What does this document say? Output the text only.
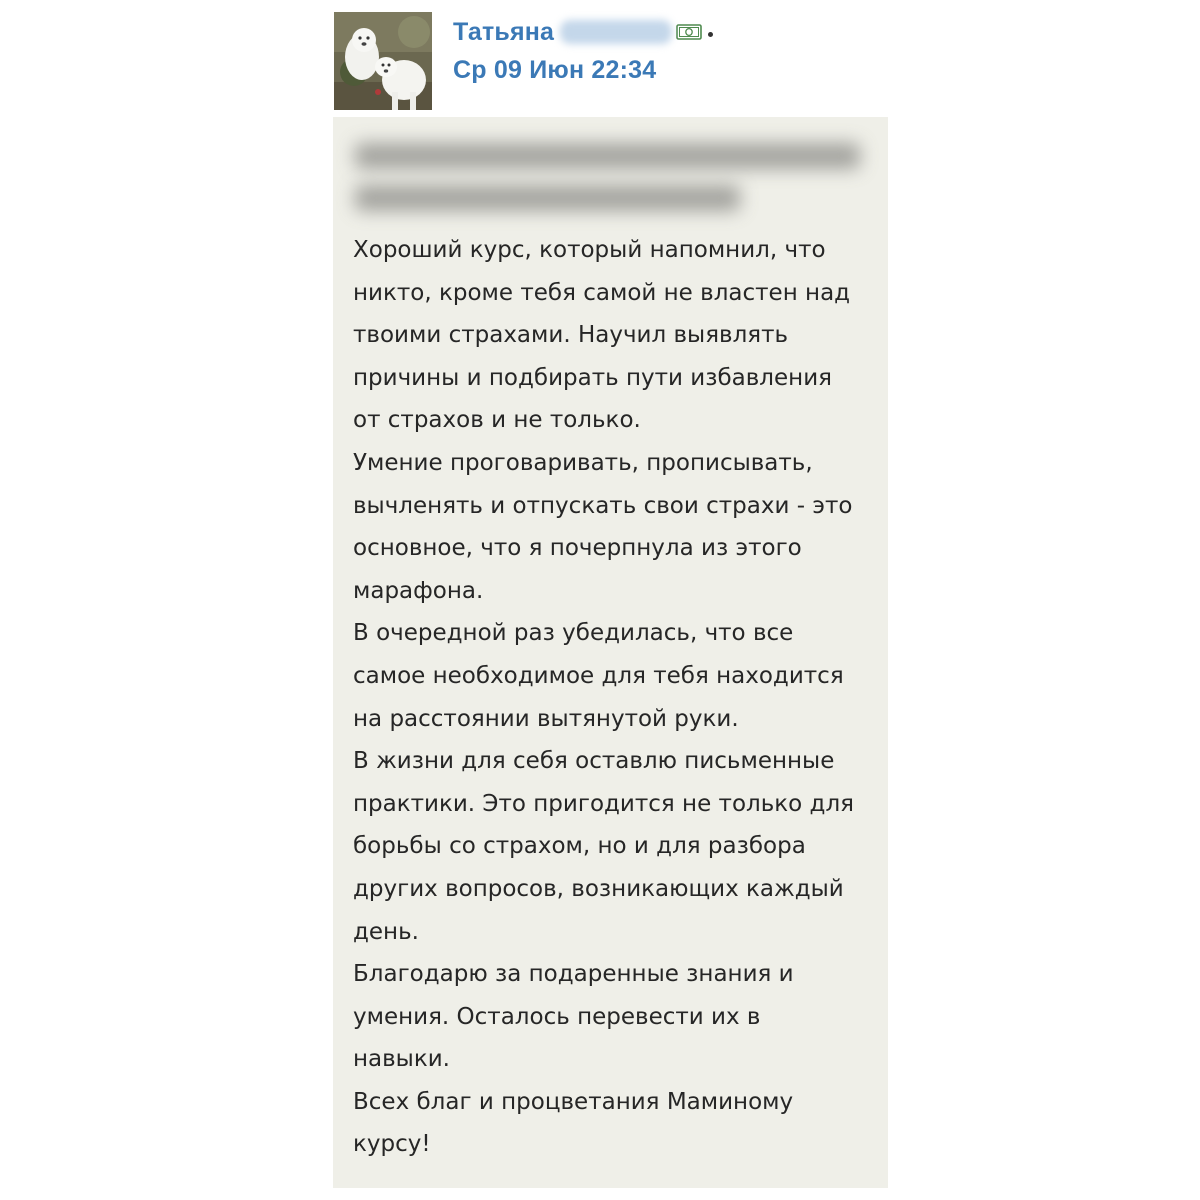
Татьяна
Ср 09 Июн 22:34

Хороший курс, который напомнил, что
никто, кроме тебя самой не властен над
твоими страхами. Научил выявлять
причины и подбирать пути избавления
от страхов и не только.
Умение проговаривать, прописывать,
вычленять и отпускать свои страхи - это
основное, что я почерпнула из этого
марафона.
В очередной раз убедилась, что все
самое необходимое для тебя находится
на расстоянии вытянутой руки.
В жизни для себя оставлю письменные
практики. Это пригодится не только для
борьбы со страхом, но и для разбора
других вопросов, возникающих каждый
день.
Благодарю за подаренные знания и
умения. Осталось перевести их в
навыки.
Всех благ и процветания Маминому
курсу!
